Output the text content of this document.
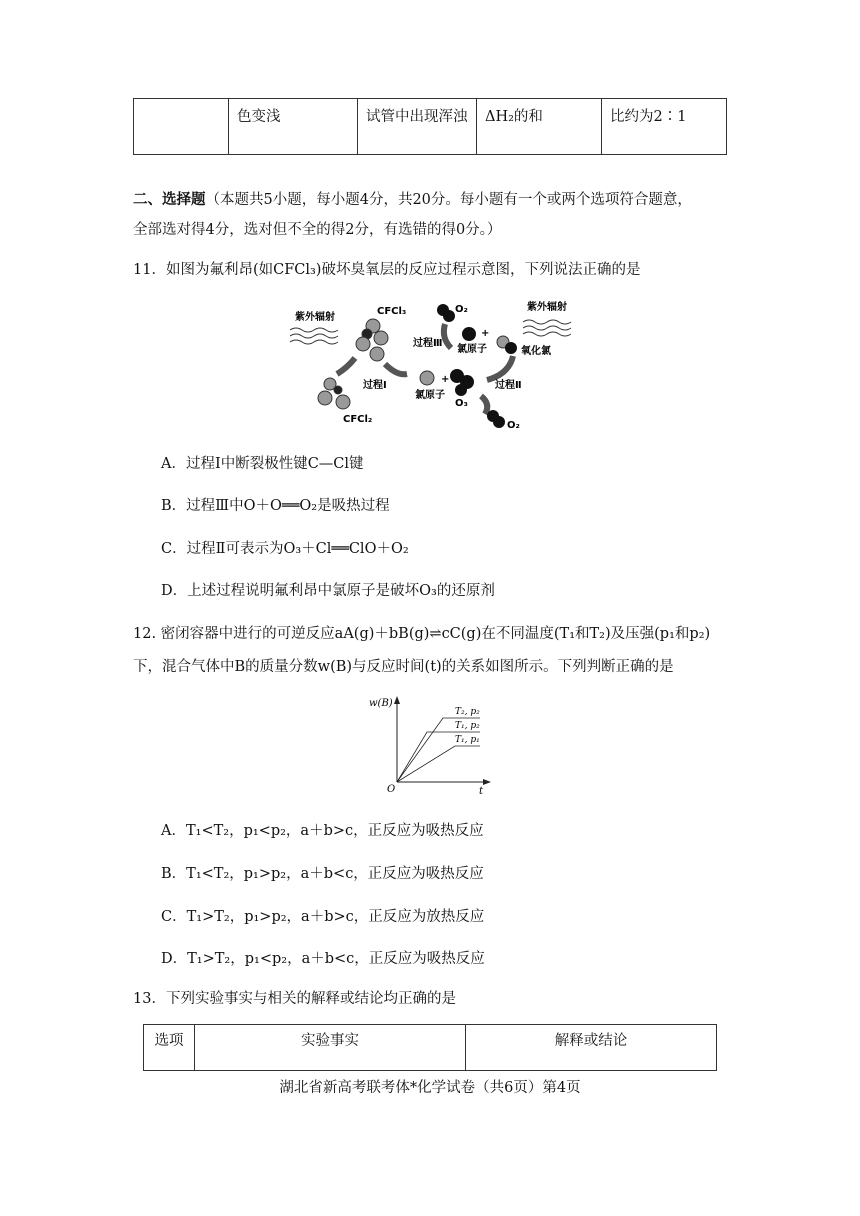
	色变浅	试管中出现浑浊	ΔH₂的和	比约为2∶1
二、选择题（本题共5小题，每小题4分，共20分。每小题有一个或两个选项符合题意，
全部选对得4分，选对但不全的得2分，有选错的得0分。）
11．如图为氟利昂(如CFCl₃)破坏臭氧层的反应过程示意图，下列说法正确的是
紫外辐射
CFCl₃
CFCl₂
过程Ⅰ
+
氯原子
O₃
O₂
过程Ⅱ
紫外辐射
氧化氯
+
氯原子
O₂
过程Ⅲ
A．过程Ⅰ中断裂极性键C—Cl键
B．过程Ⅲ中O＋O══O₂是吸热过程
C．过程Ⅱ可表示为O₃＋Cl══ClO＋O₂
D．上述过程说明氟利昂中氯原子是破坏O₃的还原剂
12. 密闭容器中进行的可逆反应aA(g)＋bB(g)⇌cC(g)在不同温度(T₁和T₂)及压强(p₁和p₂)
下，混合气体中B的质量分数w(B)与反应时间(t)的关系如图所示。下列判断正确的是
w(B)
O	t
T₂, p₂
T₁, p₂
T₁, p₁
A．T₁<T₂，p₁<p₂，a＋b>c，正反应为吸热反应
B．T₁<T₂，p₁>p₂，a＋b<c，正反应为吸热反应
C．T₁>T₂，p₁>p₂，a＋b>c，正反应为放热反应
D．T₁>T₂，p₁<p₂，a＋b<c，正反应为吸热反应
13．下列实验事实与相关的解释或结论均正确的是
选项	实验事实	解释或结论
湖北省新高考联考体*化学试卷（共6页）第4页
